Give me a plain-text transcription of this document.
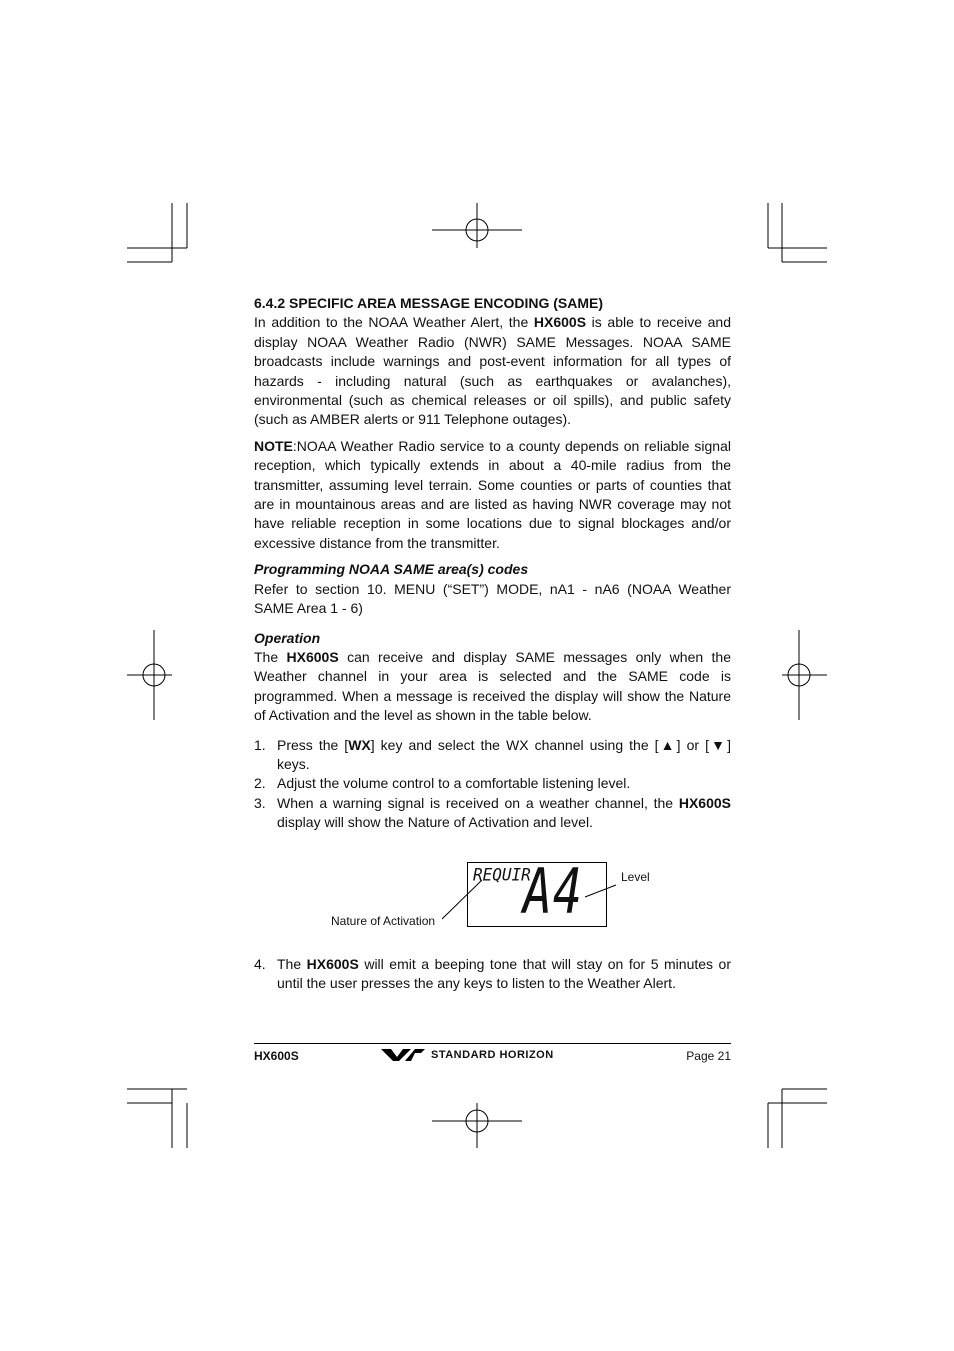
6.4.2 SPECIFIC AREA MESSAGE ENCODING (SAME)

In addition to the NOAA Weather Alert, the HX600S is able to receive and display NOAA Weather Radio (NWR) SAME Messages. NOAA SAME broadcasts include warnings and post-event information for all types of hazards - including natural (such as earthquakes or avalanches), environmental (such as chemical releases or oil spills), and public safety (such as AMBER alerts or 911 Telephone outages).

NOTE:NOAA Weather Radio service to a county depends on reliable signal reception, which typically extends in about a 40-mile radius from the transmitter, assuming level terrain. Some counties or parts of counties that are in mountainous areas and are listed as having NWR coverage may not have reliable reception in some locations due to signal blockages and/or excessive distance from the transmitter.

Programming NOAA SAME area(s) codes

Refer to section 10. MENU (“SET”) MODE, nA1 - nA6 (NOAA Weather SAME Area 1 - 6)

Operation

The HX600S can receive and display SAME messages only when the Weather channel in your area is selected and the SAME code is programmed. When a message is received the display will show the Nature of Activation and the level as shown in the table below.

1. Press the [WX] key and select the WX channel using the [▲] or [▼] keys.
2. Adjust the volume control to a comfortable listening level.
3. When a warning signal is received on a weather channel, the HX600S display will show the Nature of Activation and level.
REQUIR
A4	Level
Nature of Activation
4. The HX600S will emit a beeping tone that will stay on for 5 minutes or until the user presses the any keys to listen to the Weather Alert.
HX600S	STANDARD HORIZON	Page 21
